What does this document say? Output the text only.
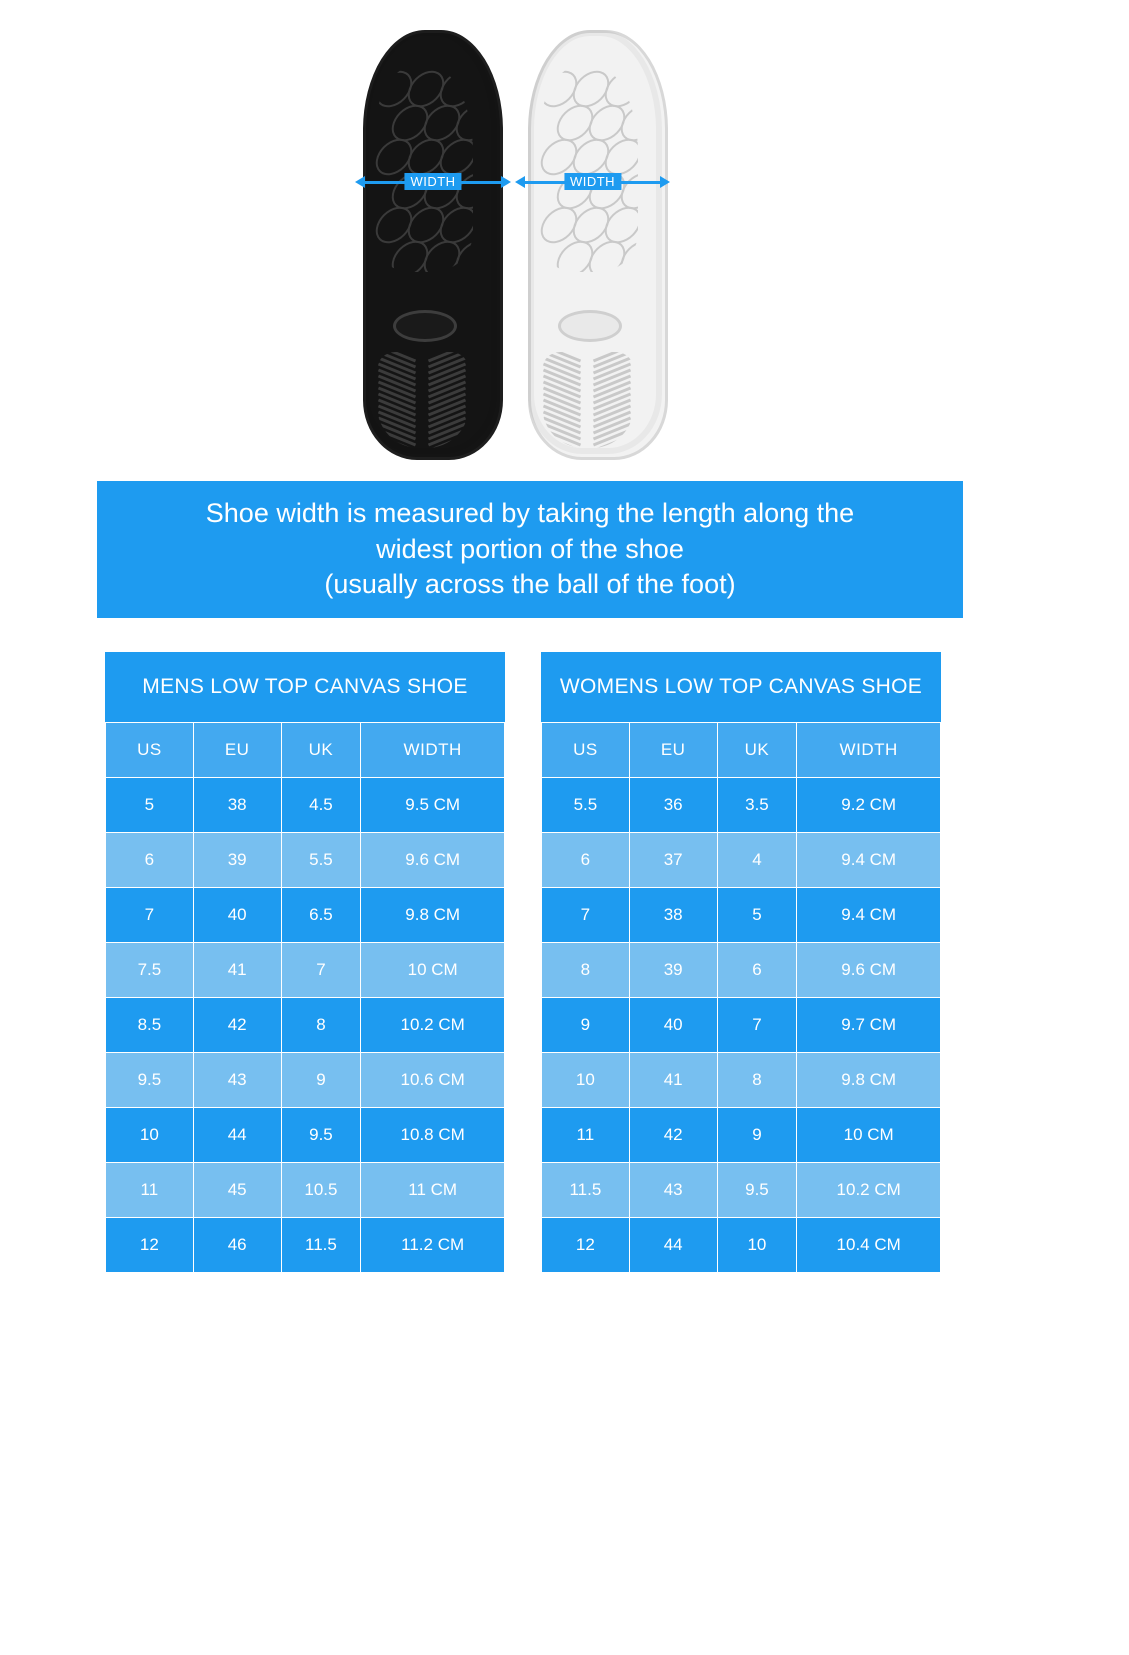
WIDTH	WIDTH
Shoe width is measured by taking the length along the
widest portion of the shoe
(usually across the ball of the foot)
MENS LOW TOP CANVAS SHOE
US	EU	UK	WIDTH
5	38	4.5	9.5 CM
6	39	5.5	9.6 CM
7	40	6.5	9.8 CM
7.5	41	7	10 CM
8.5	42	8	10.2 CM
9.5	43	9	10.6 CM
10	44	9.5	10.8 CM
11	45	10.5	11 CM
12	46	11.5	11.2 CM
WOMENS LOW TOP CANVAS SHOE
US	EU	UK	WIDTH
5.5	36	3.5	9.2 CM
6	37	4	9.4 CM
7	38	5	9.4 CM
8	39	6	9.6 CM
9	40	7	9.7 CM
10	41	8	9.8 CM
11	42	9	10 CM
11.5	43	9.5	10.2 CM
12	44	10	10.4 CM
